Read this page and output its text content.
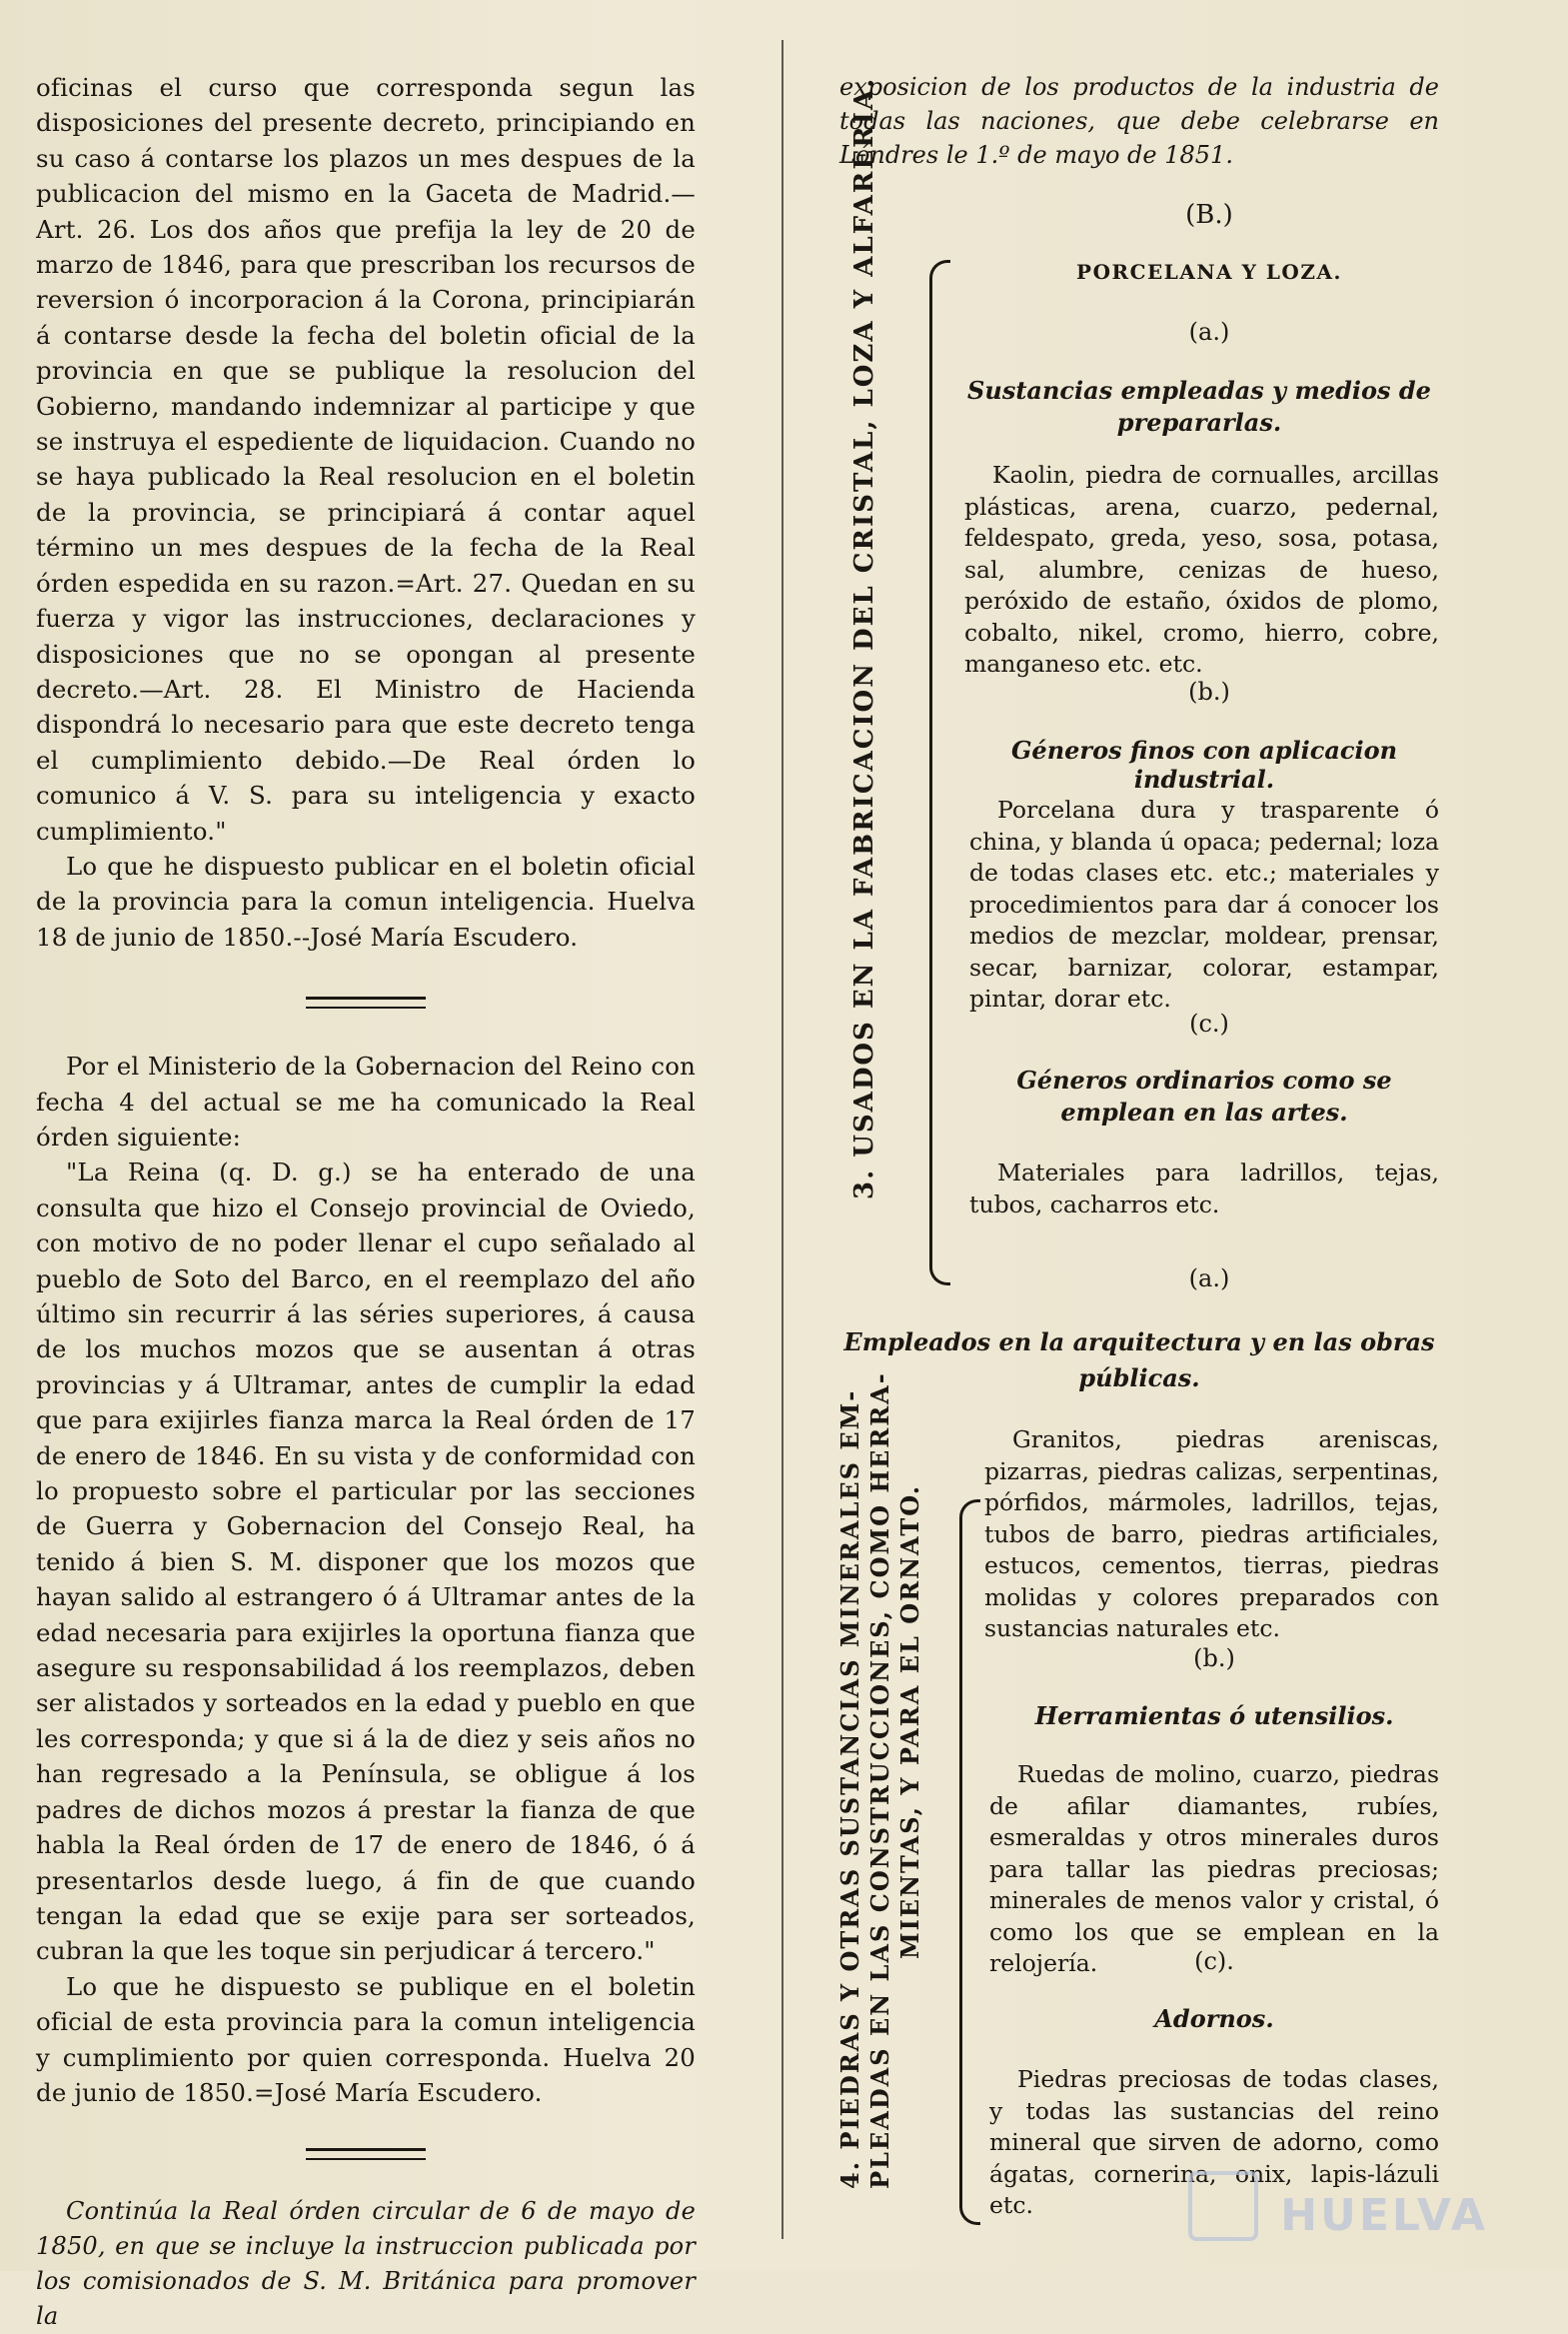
oficinas el curso que corresponda segun las disposiciones del presente decreto, principiando en su caso á contarse los plazos un mes despues de la publicacion del mismo en la Gaceta de Madrid.—Art. 26. Los dos años que prefija la ley de 20 de marzo de 1846, para que prescriban los recursos de reversion ó incorporacion á la Corona, principiarán á contarse desde la fecha del boletin oficial de la provincia en que se publique la resolucion del Gobierno, mandando indemnizar al participe y que se instruya el espediente de liquidacion. Cuando no se haya publicado la Real resolucion en el boletin de la provincia, se principiará á contar aquel término un mes despues de la fecha de la Real órden espedida en su razon.=Art. 27. Quedan en su fuerza y vigor las instrucciones, declaraciones y disposiciones que no se opongan al presente decreto.—Art. 28. El Ministro de Hacienda dispondrá lo necesario para que este decreto tenga el cumplimiento debido.—De Real órden lo comunico á V. S. para su inteligencia y exacto cumplimiento."

Lo que he dispuesto publicar en el boletin oficial de la provincia para la comun inteligencia. Huelva 18 de junio de 1850.--José María Escudero.

Por el Ministerio de la Gobernacion del Reino con fecha 4 del actual se me ha comunicado la Real órden siguiente:

"La Reina (q. D. g.) se ha enterado de una consulta que hizo el Consejo provincial de Oviedo, con motivo de no poder llenar el cupo señalado al pueblo de Soto del Barco, en el reemplazo del año último sin recurrir á las séries superiores, á causa de los muchos mozos que se ausentan á otras provincias y á Ultramar, antes de cumplir la edad que para exijirles fianza marca la Real órden de 17 de enero de 1846. En su vista y de conformidad con lo propuesto sobre el particular por las secciones de Guerra y Gobernacion del Consejo Real, ha tenido á bien S. M. disponer que los mozos que hayan salido al estrangero ó á Ultramar antes de la edad necesaria para exijirles la oportuna fianza que asegure su responsabilidad á los reemplazos, deben ser alistados y sorteados en la edad y pueblo en que les corresponda; y que si á la de diez y seis años no han regresado a la Península, se obligue á los padres de dichos mozos á prestar la fianza de que habla la Real órden de 17 de enero de 1846, ó á presentarlos desde luego, á fin de que cuando tengan la edad que se exije para ser sorteados, cubran la que les toque sin perjudicar á tercero."

Lo que he dispuesto se publique en el boletin oficial de esta provincia para la comun inteligencia y cumplimiento por quien corresponda. Huelva 20 de junio de 1850.=José María Escudero.

Continúa la Real órden circular de 6 de mayo de 1850, en que se incluye la instruccion publicada por los comisionados de S. M. Británica para promover la

exposicion de los productos de la industria de todas las naciones, que debe celebrarse en Lóndres le 1.º de mayo de 1851.

3. USADOS EN LA FABRICACION DEL CRISTAL, LOZA Y ALFARERIA.	(B.)
PORCELANA Y LOZA.
(a.)
Sustancias empleadas y medios de prepararlas.
Kaolin, piedra de cornualles, arcillas plásticas, arena, cuarzo, pedernal, feldespato, greda, yeso, sosa, potasa, sal, alumbre, cenizas de hueso, peróxido de estaño, óxidos de plomo, cobalto, nikel, cromo, hierro, cobre, manganeso etc. etc.
(b.)
Géneros finos con aplicacion industrial.
Porcelana dura y trasparente ó china, y blanda ú opaca; pedernal; loza de todas clases etc. etc.; materiales y procedimientos para dar á conocer los medios de mezclar, moldear, prensar, secar, barnizar, colorar, estampar, pintar, dorar etc.
(c.)
Géneros ordinarios como se emplean en las artes.
Materiales para ladrillos, tejas, tubos, cacharros etc.
(a.)
Empleados en la arquitectura y en las obras públicas.
4. PIEDRAS Y OTRAS SUSTANCIAS MINERALES EM- PLEADAS EN LAS CONSTRUCCIONES, COMO HERRA- MIENTAS, Y PARA EL ORNATO.
Granitos, piedras areniscas, pizarras, piedras calizas, serpentinas, pórfidos, mármoles, ladrillos, tejas, tubos de barro, piedras artificiales, estucos, cementos, tierras, piedras molidas y colores preparados con sustancias naturales etc.
(b.)
Herramientas ó utensilios.
Ruedas de molino, cuarzo, piedras de afilar diamantes, rubíes, esmeraldas y otros minerales duros para tallar las piedras preciosas; minerales de menos valor y cristal, ó como los que se emplean en la relojería.	(c).
Adornos.
Piedras preciosas de todas clases, y todas las sustancias del reino mineral que sirven de adorno, como ágatas, cornerina, onix, lapis-lázuli etc.	HUELVA
